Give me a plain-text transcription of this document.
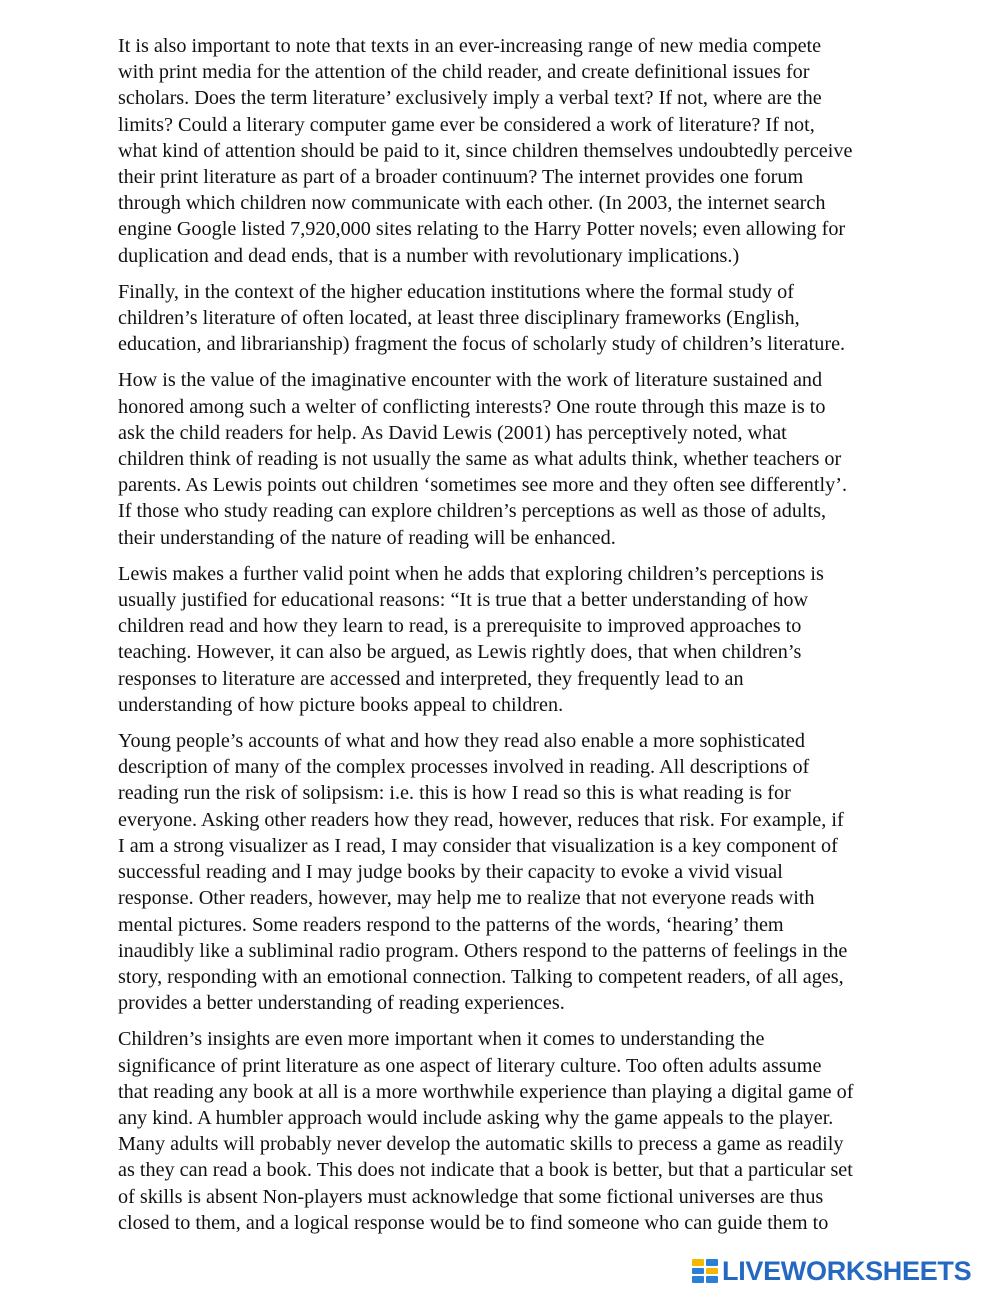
It is also important to note that texts in an ever-increasing range of new media compete
with print media for the attention of the child reader, and create definitional issues for
scholars. Does the term literature’ exclusively imply a verbal text? If not, where are the
limits? Could a literary computer game ever be considered a work of literature? If not,
what kind of attention should be paid to it, since children themselves undoubtedly perceive
their print literature as part of a broader continuum? The internet provides one forum
through which children now communicate with each other. (In 2003, the internet search
engine Google listed 7,920,000 sites relating to the Harry Potter novels; even allowing for
duplication and dead ends, that is a number with revolutionary implications.)

Finally, in the context of the higher education institutions where the formal study of
children’s literature of often located, at least three disciplinary frameworks (English,
education, and librarianship) fragment the focus of scholarly study of children’s literature.

How is the value of the imaginative encounter with the work of literature sustained and
honored among such a welter of conflicting interests? One route through this maze is to
ask the child readers for help. As David Lewis (2001) has perceptively noted, what
children think of reading is not usually the same as what adults think, whether teachers or
parents. As Lewis points out children ‘sometimes see more and they often see differently’.
If those who study reading can explore children’s perceptions as well as those of adults,
their understanding of the nature of reading will be enhanced.

Lewis makes a further valid point when he adds that exploring children’s perceptions is
usually justified for educational reasons: “It is true that a better understanding of how
children read and how they learn to read, is a prerequisite to improved approaches to
teaching. However, it can also be argued, as Lewis rightly does, that when children’s
responses to literature are accessed and interpreted, they frequently lead to an
understanding of how picture books appeal to children.

Young people’s accounts of what and how they read also enable a more sophisticated
description of many of the complex processes involved in reading. All descriptions of
reading run the risk of solipsism: i.e. this is how I read so this is what reading is for
everyone. Asking other readers how they read, however, reduces that risk. For example, if
I am a strong visualizer as I read, I may consider that visualization is a key component of
successful reading and I may judge books by their capacity to evoke a vivid visual
response. Other readers, however, may help me to realize that not everyone reads with
mental pictures. Some readers respond to the patterns of the words, ‘hearing’ them
inaudibly like a subliminal radio program. Others respond to the patterns of feelings in the
story, responding with an emotional connection. Talking to competent readers, of all ages,
provides a better understanding of reading experiences.

Children’s insights are even more important when it comes to understanding the
significance of print literature as one aspect of literary culture. Too often adults assume
that reading any book at all is a more worthwhile experience than playing a digital game of
any kind. A humbler approach would include asking why the game appeals to the player.
Many adults will probably never develop the automatic skills to precess a game as readily
as they can read a book. This does not indicate that a book is better, but that a particular set
of skills is absent Non-players must acknowledge that some fictional universes are thus
closed to them, and a logical response would be to find someone who can guide them to

LIVEWORKSHEETS
